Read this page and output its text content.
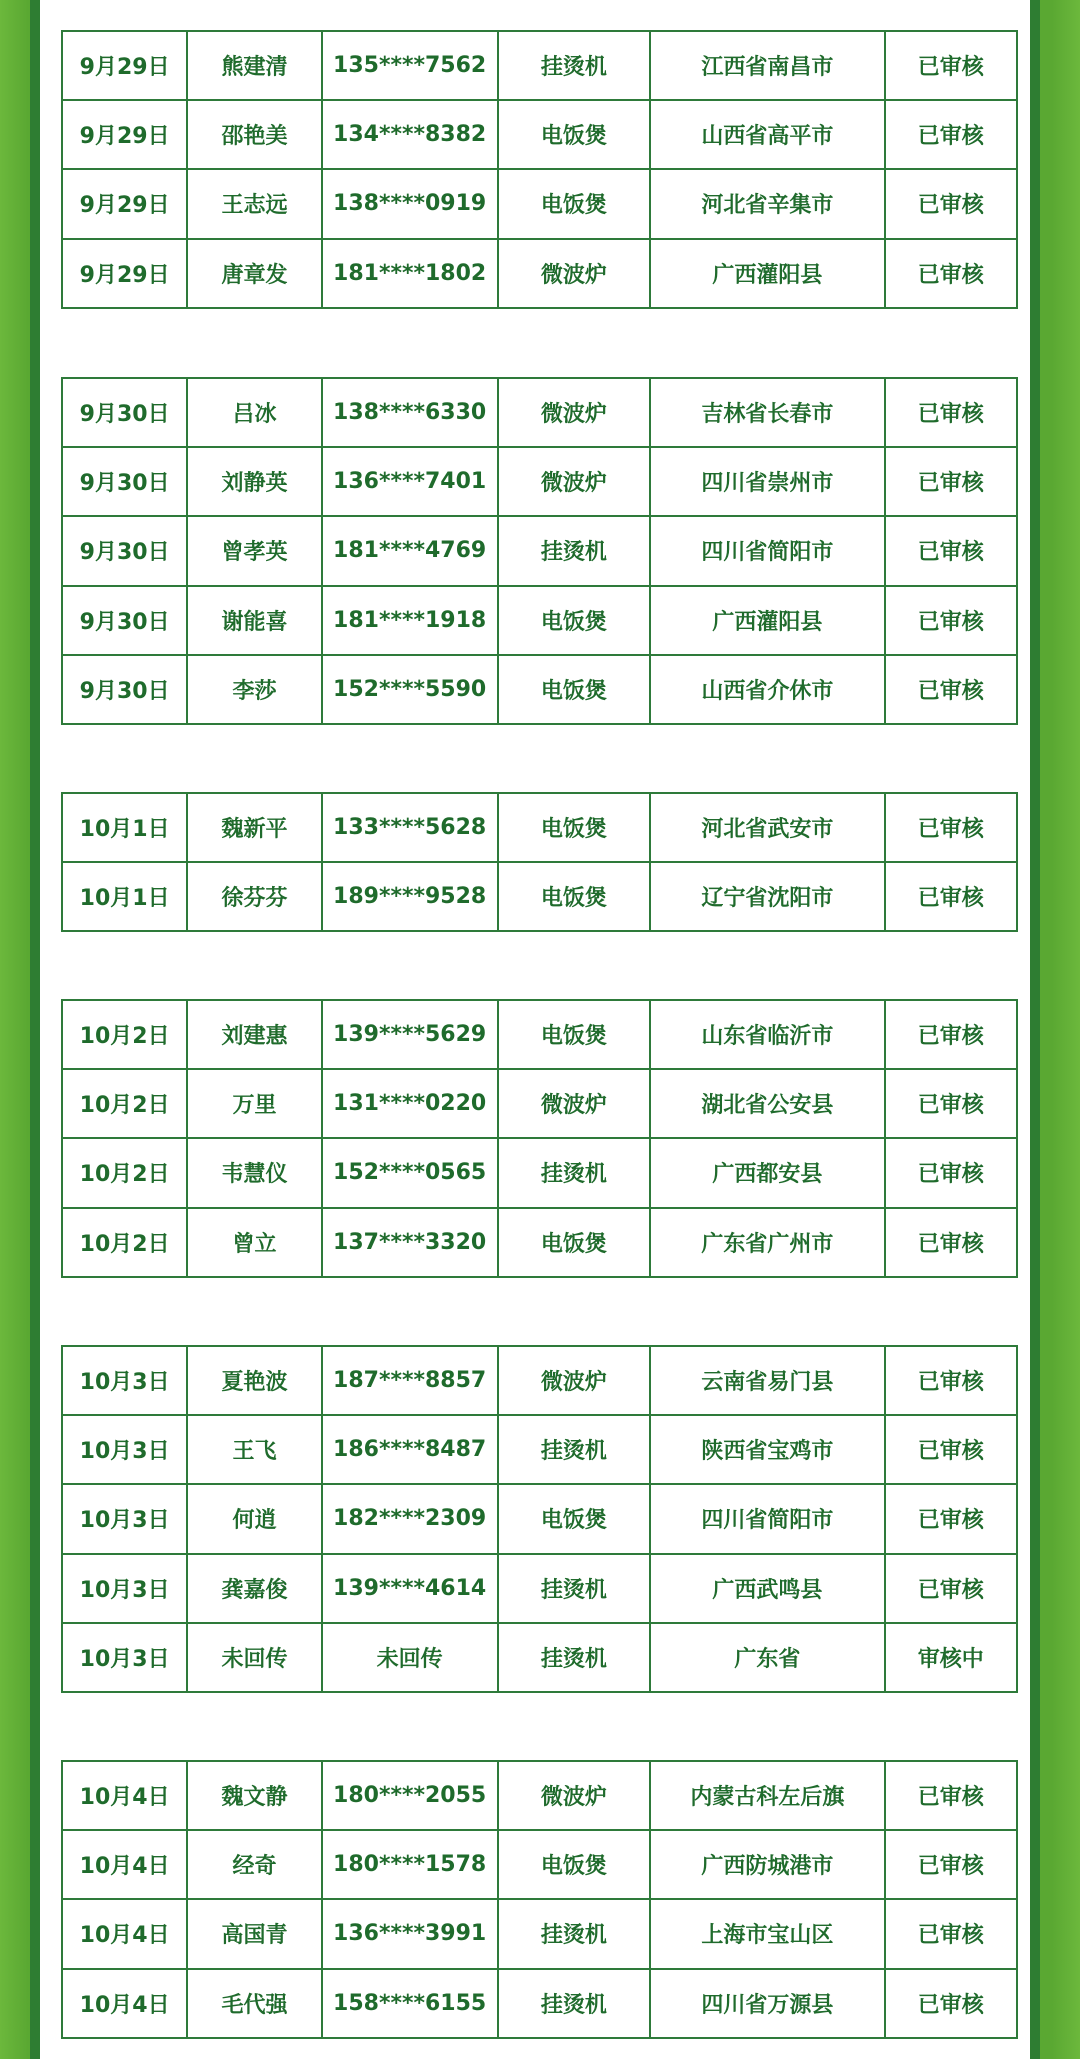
9月29日	熊建清	135****7562	挂烫机	江西省南昌市	已审核
9月29日	邵艳美	134****8382	电饭煲	山西省高平市	已审核
9月29日	王志远	138****0919	电饭煲	河北省辛集市	已审核
9月29日	唐章发	181****1802	微波炉	广西灌阳县	已审核
9月30日	吕冰	138****6330	微波炉	吉林省长春市	已审核
9月30日	刘静英	136****7401	微波炉	四川省崇州市	已审核
9月30日	曾孝英	181****4769	挂烫机	四川省简阳市	已审核
9月30日	谢能喜	181****1918	电饭煲	广西灌阳县	已审核
9月30日	李莎	152****5590	电饭煲	山西省介休市	已审核
10月1日	魏新平	133****5628	电饭煲	河北省武安市	已审核
10月1日	徐芬芬	189****9528	电饭煲	辽宁省沈阳市	已审核
10月2日	刘建惠	139****5629	电饭煲	山东省临沂市	已审核
10月2日	万里	131****0220	微波炉	湖北省公安县	已审核
10月2日	韦慧仪	152****0565	挂烫机	广西都安县	已审核
10月2日	曾立	137****3320	电饭煲	广东省广州市	已审核
10月3日	夏艳波	187****8857	微波炉	云南省易门县	已审核
10月3日	王飞	186****8487	挂烫机	陕西省宝鸡市	已审核
10月3日	何逍	182****2309	电饭煲	四川省简阳市	已审核
10月3日	龚嘉俊	139****4614	挂烫机	广西武鸣县	已审核
10月3日	未回传	未回传	挂烫机	广东省	审核中
10月4日	魏文静	180****2055	微波炉	内蒙古科左后旗	已审核
10月4日	经奇	180****1578	电饭煲	广西防城港市	已审核
10月4日	高国青	136****3991	挂烫机	上海市宝山区	已审核
10月4日	毛代强	158****6155	挂烫机	四川省万源县	已审核
